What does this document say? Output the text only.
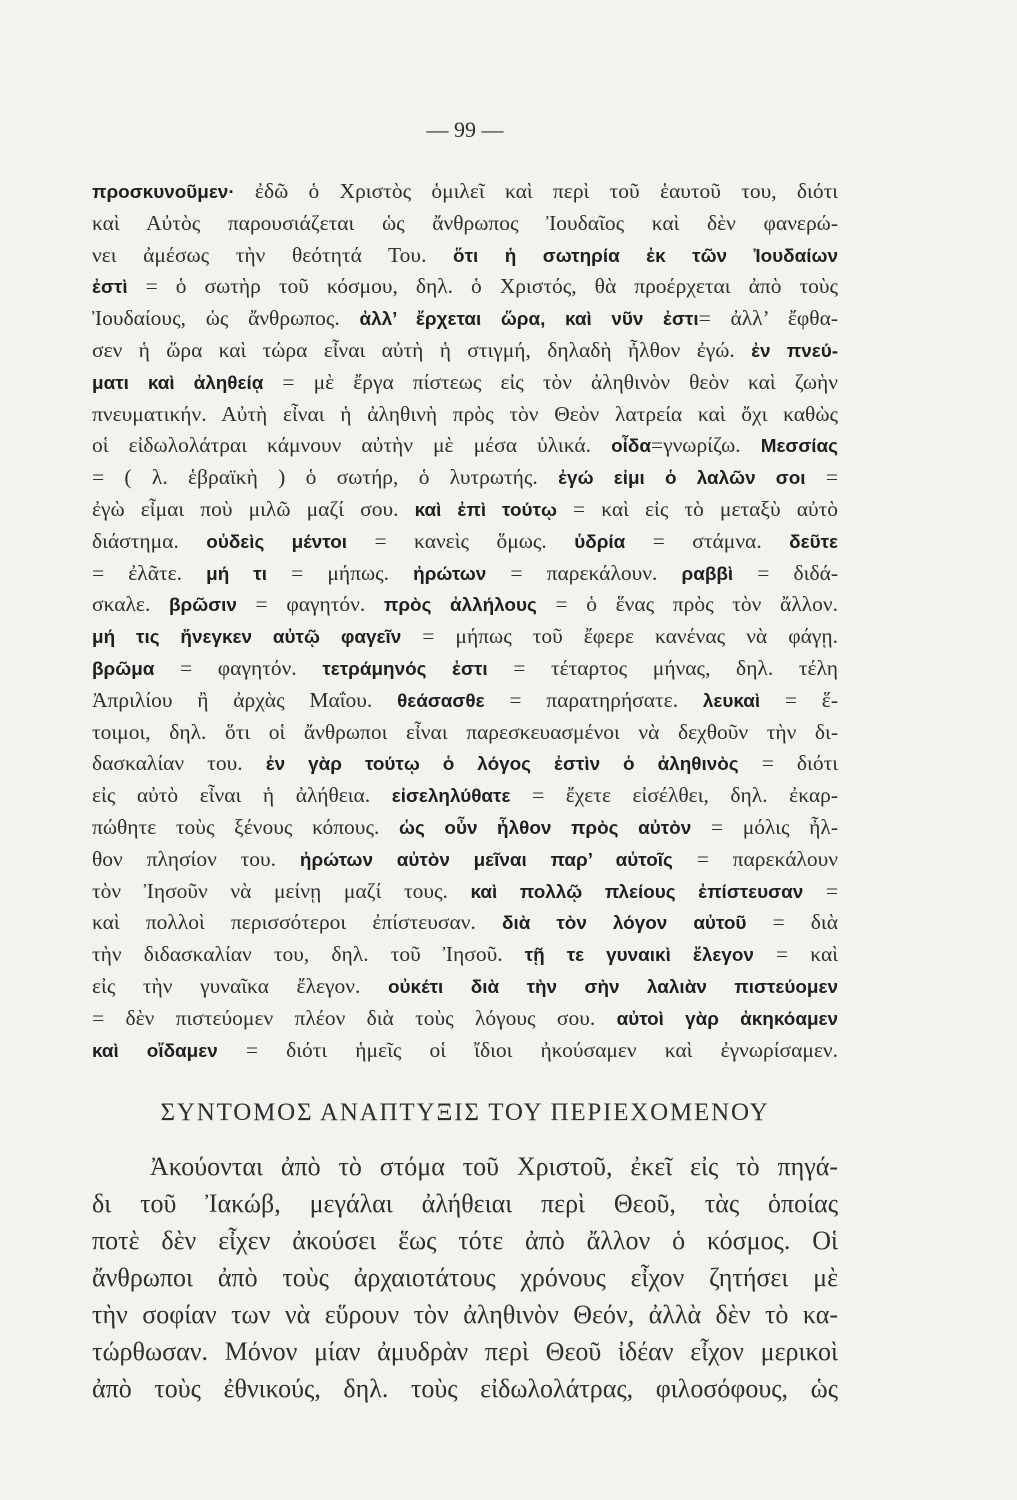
— 99 —
προσκυνοῦμεν· ἐδῶ ὁ Χριστὸς ὁμιλεῖ καὶ περὶ τοῦ ἑαυτοῦ του, διότι
καὶ Αὐτὸς παρουσιάζεται ὡς ἄνθρωπος Ἰουδαῖος καὶ δὲν φανερώ-
νει ἀμέσως τὴν θεότητά Του. ὅτι ἡ σωτηρία ἐκ τῶν Ἰουδαίων
ἐστὶ = ὁ σωτὴρ τοῦ κόσμου, δηλ. ὁ Χριστός, θὰ προέρχεται ἀπὸ τοὺς
Ἰουδαίους, ὡς ἄνθρωπος. ἀλλ’ ἔρχεται ὥρα, καὶ νῦν ἐστι= ἀλλ’ ἔφθα-
σεν ἡ ὥρα καὶ τώρα εἶναι αὐτὴ ἡ στιγμή, δηλαδὴ ἦλθον ἐγώ. ἐν πνεύ-
ματι καὶ ἀληθείᾳ = μὲ ἔργα πίστεως εἰς τὸν ἀληθινὸν θεὸν καὶ ζωὴν
πνευματικήν. Αὐτὴ εἶναι ἡ ἀληθινὴ πρὸς τὸν Θεὸν λατρεία καὶ ὄχι καθὼς
οἱ εἰδωλολάτραι κάμνουν αὐτὴν μὲ μέσα ὑλικά. οἶδα=γνωρίζω. Μεσσίας
= ( λ. ἑβραϊκὴ ) ὁ σωτήρ, ὁ λυτρωτής. ἐγώ εἰμι ὁ λαλῶν σοι =
ἐγὼ εἶμαι ποὺ μιλῶ μαζί σου. καὶ ἐπὶ τούτῳ = καὶ εἰς τὸ μεταξὺ αὐτὸ
διάστημα. οὐδεὶς μέντοι = κανεὶς ὅμως. ὑδρία = στάμνα. δεῦτε
= ἐλᾶτε. μή τι = μήπως. ἠρώτων = παρεκάλουν. ραββὶ = διδά-
σκαλε. βρῶσιν = φαγητόν. πρὸς ἀλλήλους = ὁ ἕνας πρὸς τὸν ἄλλον.
μή τις ἤνεγκεν αὐτῷ φαγεῖν = μήπως τοῦ ἔφερε κανένας νὰ φάγῃ.
βρῶμα = φαγητόν. τετράμηνός ἐστι = τέταρτος μήνας, δηλ. τέλη
Ἀπριλίου ἢ ἀρχὰς Μαΐου. θεάσασθε = παρατηρήσατε. λευκαὶ = ἕ-
τοιμοι, δηλ. ὅτι οἱ ἄνθρωποι εἶναι παρεσκευασμένοι νὰ δεχθοῦν τὴν δι-
δασκαλίαν του. ἐν γὰρ τούτῳ ὁ λόγος ἐστὶν ὁ ἀληθινὸς = διότι
εἰς αὐτὸ εἶναι ἡ ἀλήθεια. εἰσεληλύθατε = ἔχετε εἰσέλθει, δηλ. ἐκαρ-
πώθητε τοὺς ξένους κόπους. ὡς οὖν ἦλθον πρὸς αὐτὸν = μόλις ἦλ-
θον πλησίον του. ἠρώτων αὐτὸν μεῖναι παρ’ αὐτοῖς = παρεκάλουν
τὸν Ἰησοῦν νὰ μείνῃ μαζί τους. καὶ πολλῷ πλείους ἐπίστευσαν =
καὶ πολλοὶ περισσότεροι ἐπίστευσαν. διὰ τὸν λόγον αὐτοῦ = διὰ
τὴν διδασκαλίαν του, δηλ. τοῦ Ἰησοῦ. τῇ τε γυναικὶ ἔλεγον = καὶ
εἰς τὴν γυναῖκα ἔλεγον. οὐκέτι διὰ τὴν σὴν λαλιὰν πιστεύομεν
= δὲν πιστεύομεν πλέον διὰ τοὺς λόγους σου. αὐτοὶ γὰρ ἀκηκόαμεν
καὶ οἴδαμεν = διότι ἡμεῖς οἱ ἴδιοι ἠκούσαμεν καὶ ἐγνωρίσαμεν.
ΣΥΝΤΟΜΟΣ ΑΝΑΠΤΥΞΙΣ ΤΟΥ ΠΕΡΙΕΧΟΜΕΝΟΥ
Ἀκούονται ἀπὸ τὸ στόμα τοῦ Χριστοῦ, ἐκεῖ εἰς τὸ πηγά-
δι τοῦ Ἰακώβ, μεγάλαι ἀλήθειαι περὶ Θεοῦ, τὰς ὁποίας
ποτὲ δὲν εἶχεν ἀκούσει ἕως τότε ἀπὸ ἄλλον ὁ κόσμος. Οἱ
ἄνθρωποι ἀπὸ τοὺς ἀρχαιοτάτους χρόνους εἶχον ζητήσει μὲ
τὴν σοφίαν των νὰ εὕρουν τὸν ἀληθινὸν Θεόν, ἀλλὰ δὲν τὸ κα-
τώρθωσαν. Μόνον μίαν ἀμυδρὰν περὶ Θεοῦ ἰδέαν εἶχον μερικοὶ
ἀπὸ τοὺς ἐθνικούς, δηλ. τοὺς εἰδωλολάτρας, φιλοσόφους, ὡς
